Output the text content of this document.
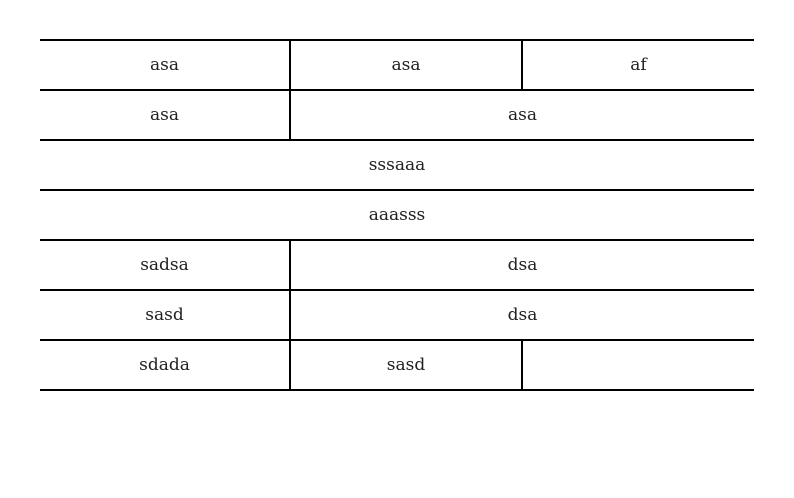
asa	asa	af
asa	asa	
sssaaa		
aaasss		
sadsa	dsa	
sasd	dsa	
sdada	sasd	
